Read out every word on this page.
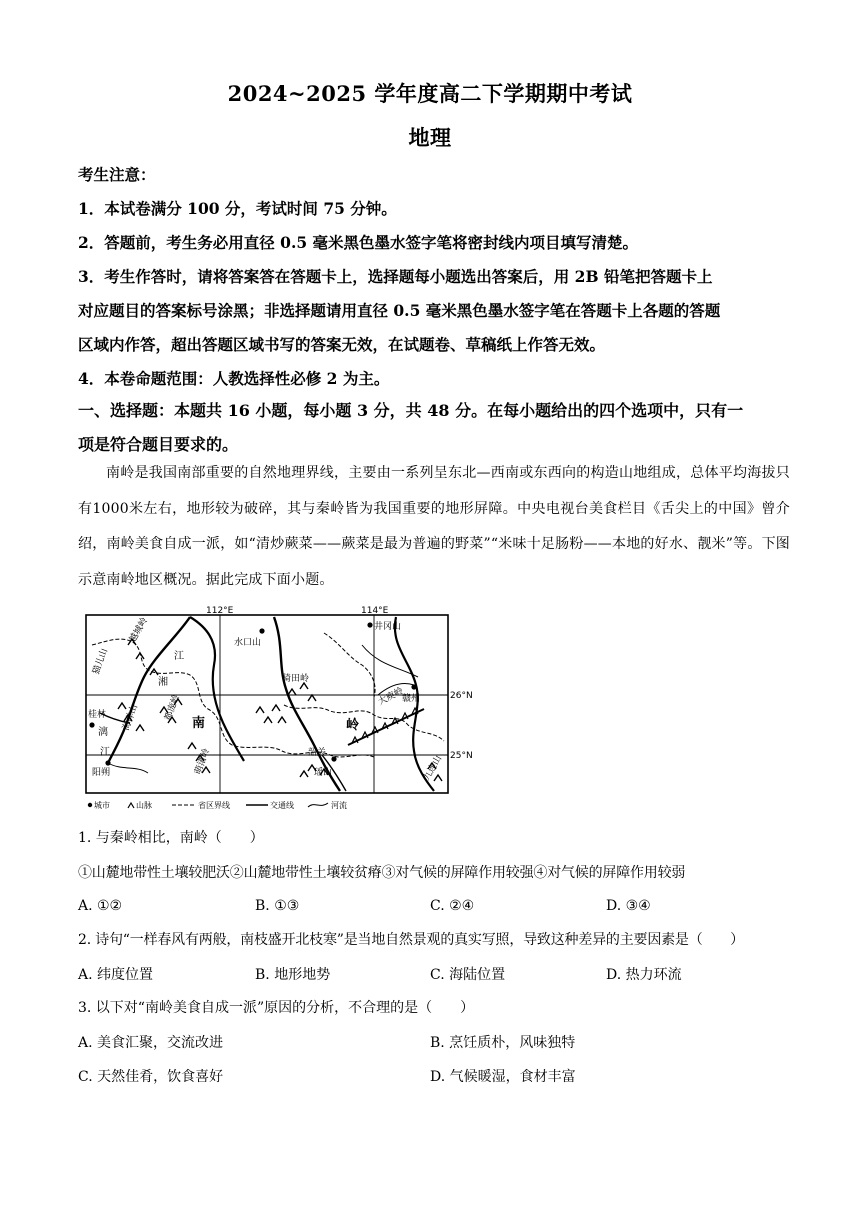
2024~2025 学年度高二下学期期中考试
地理

考生注意：

1．本试卷满分 100 分，考试时间 75 分钟。

2．答题前，考生务必用直径 0.5 毫米黑色墨水签字笔将密封线内项目填写清楚。

3．考生作答时，请将答案答在答题卡上，选择题每小题选出答案后，用 2B 铅笔把答题卡上

对应题目的答案标号涂黑；非选择题请用直径 0.5 毫米黑色墨水签字笔在答题卡上各题的答题

区域内作答，超出答题区域书写的答案无效，在试题卷、草稿纸上作答无效。

4．本卷命题范围：人教选择性必修 2 为主。

一、选择题：本题共 16 小题，每小题 3 分，共 48 分。在每小题给出的四个选项中，只有一

项是符合题目要求的。

南岭是我国南部重要的自然地理界线，主要由一系列呈东北—西南或东西向的构造山地组成，总体平均海拔只有1000米左右，地形较为破碎，其与秦岭皆为我国重要的地形屏障。中央电视台美食栏目《舌尖上的中国》曾介绍，南岭美食自成一派，如“清炒蕨菜——蕨菜是最为普遍的野菜”“米味十足肠粉——本地的好水、靓米”等。下图示意南岭地区概况。据此完成下面小题。
112°E	114°E
26°N
25°N
水口山
井冈山
赣州
骑田岭
大庾岭
桂林
阳朔
越城岭
海洋山	都庞岭
萌渚岭	瑶山
韶关
九连山
猫儿山	江
湘
漓
江
南	岭
城市	山脉	省区界线	交通线	河流
1. 与秦岭相比，南岭（　　）
①山麓地带性土壤较肥沃②山麓地带性土壤较贫瘠③对气候的屏障作用较强④对气候的屏障作用较弱
A. ①②	B. ①③	C. ②④	D. ③④
2. 诗句“一样春风有两般，南枝盛开北枝寒”是当地自然景观的真实写照，导致这种差异的主要因素是（　　）
A. 纬度位置	B. 地形地势	C. 海陆位置	D. 热力环流
3. 以下对“南岭美食自成一派”原因的分析，不合理的是（　　）
A. 美食汇聚，交流改进	B. 烹饪质朴，风味独特
C. 天然佳肴，饮食喜好	D. 气候暖湿，食材丰富
